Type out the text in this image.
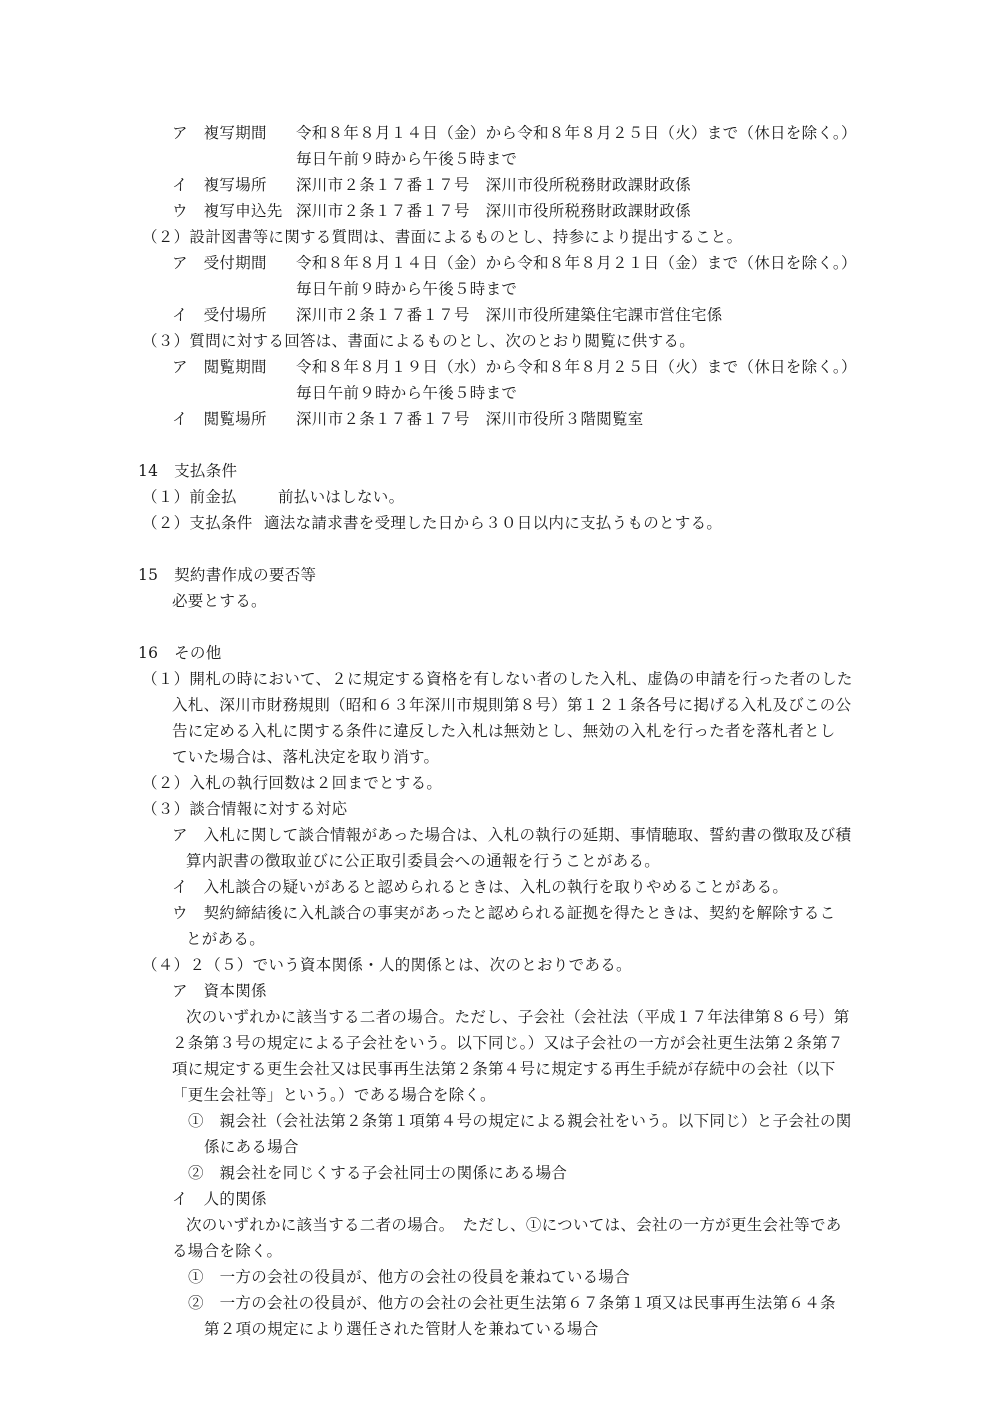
ア　複写期間 令和８年８月１４日（金）から令和８年８月２５日（火）まで（休日を除く。）
毎日午前９時から午後５時まで
イ　複写場所 深川市２条１７番１７号　深川市役所税務財政課財政係
ウ　複写申込先 深川市２条１７番１７号　深川市役所税務財政課財政係
（２）設計図書等に関する質問は、書面によるものとし、持参により提出すること。
ア　受付期間 令和８年８月１４日（金）から令和８年８月２１日（金）まで（休日を除く。）
毎日午前９時から午後５時まで
イ　受付場所 深川市２条１７番１７号　深川市役所建築住宅課市営住宅係
（３）質問に対する回答は、書面によるものとし、次のとおり閲覧に供する。
ア　閲覧期間 令和８年８月１９日（水）から令和８年８月２５日（火）まで（休日を除く。）
毎日午前９時から午後５時まで
イ　閲覧場所 深川市２条１７番１７号　深川市役所３階閲覧室
14　支払条件
（１）前金払	前払いはしない。
（２）支払条件 適法な請求書を受理した日から３０日以内に支払うものとする。
15　契約書作成の要否等
必要とする。
16　その他
（１）開札の時において、２に規定する資格を有しない者のした入札、虚偽の申請を行った者のした
入札、深川市財務規則（昭和６３年深川市規則第８号）第１２１条各号に掲げる入札及びこの公
告に定める入札に関する条件に違反した入札は無効とし、無効の入札を行った者を落札者とし
ていた場合は、落札決定を取り消す。
（２）入札の執行回数は２回までとする。
（３）談合情報に対する対応
ア　入札に関して談合情報があった場合は、入札の執行の延期、事情聴取、誓約書の徴取及び積
算内訳書の徴取並びに公正取引委員会への通報を行うことがある。
イ　入札談合の疑いがあると認められるときは、入札の執行を取りやめることがある。
ウ　契約締結後に入札談合の事実があったと認められる証拠を得たときは、契約を解除するこ
とがある。
（４）２（５）でいう資本関係・人的関係とは、次のとおりである。
ア　資本関係
次のいずれかに該当する二者の場合。ただし、子会社（会社法（平成１７年法律第８６号）第
２条第３号の規定による子会社をいう。以下同じ。）又は子会社の一方が会社更生法第２条第７
項に規定する更生会社又は民事再生法第２条第４号に規定する再生手続が存続中の会社（以下
「更生会社等」という。）である場合を除く。
①　親会社（会社法第２条第１項第４号の規定による親会社をいう。以下同じ）と子会社の関
係にある場合
②　親会社を同じくする子会社同士の関係にある場合
イ　人的関係
次のいずれかに該当する二者の場合。　ただし、①については、会社の一方が更生会社等であ
る場合を除く。
①　一方の会社の役員が、他方の会社の役員を兼ねている場合
②　一方の会社の役員が、他方の会社の会社更生法第６７条第１項又は民事再生法第６４条
第２項の規定により選任された管財人を兼ねている場合
